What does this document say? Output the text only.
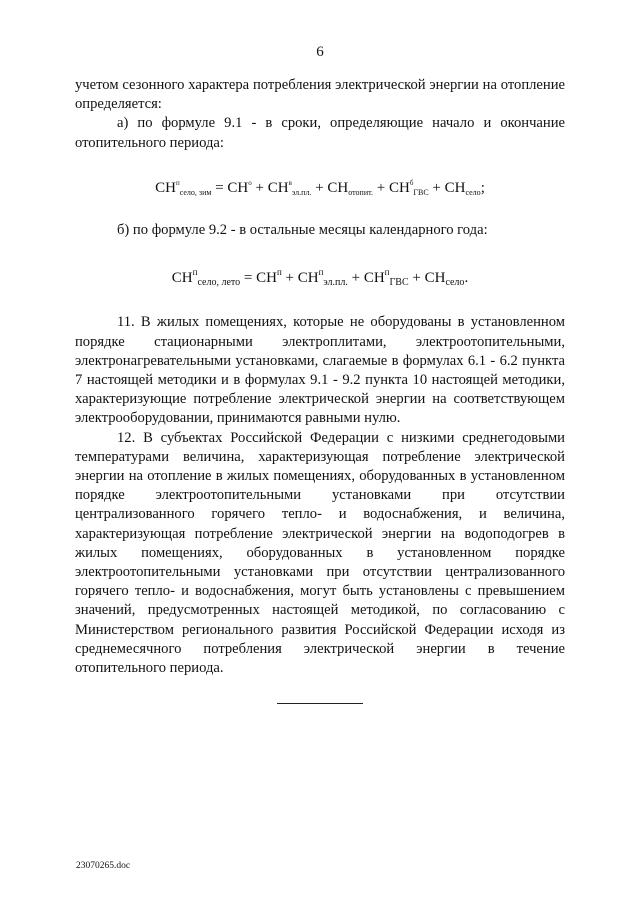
6

учетом сезонного характера потребления электрической энергии на отопление определяется:

а) по формуле 9.1 - в сроки, определяющие начало и окончание отопительного периода:

$CH^п_{село, зим} = CH^о + CH^в_{эл.пл.} + CH_{отопит.} + CH^б_{ГВС} + CH_{село}$;

б) по формуле 9.2 - в остальные месяцы календарного года:

$CH^п_{село, лето} = CH^п + CH^п_{эл.пл.} + CH^п_{ГВС} + CH_{село}$.

11. В жилых помещениях, которые не оборудованы в установленном порядке стационарными электроплитами, электроотопительными, электронагревательными установками, слагаемые в формулах 6.1 - 6.2 пункта 7 настоящей методики и в формулах 9.1 - 9.2 пункта 10 настоящей методики, характеризующие потребление электрической энергии на соответствующем электрооборудовании, принимаются равными нулю.

12. В субъектах Российской Федерации с низкими среднегодовыми температурами величина, характеризующая потребление электрической энергии на отопление в жилых помещениях, оборудованных в установленном порядке электроотопительными установками при отсутствии централизованного горячего тепло- и водоснабжения, и величина, характеризующая потребление электрической энергии на водоподогрев в жилых помещениях, оборудованных в установленном порядке электроотопительными установками при отсутствии централизованного горячего тепло- и водоснабжения, могут быть установлены с превышением значений, предусмотренных настоящей методикой, по согласованию с Министерством регионального развития Российской Федерации исходя из среднемесячного потребления электрической энергии в течение отопительного периода.

23070265.doc
